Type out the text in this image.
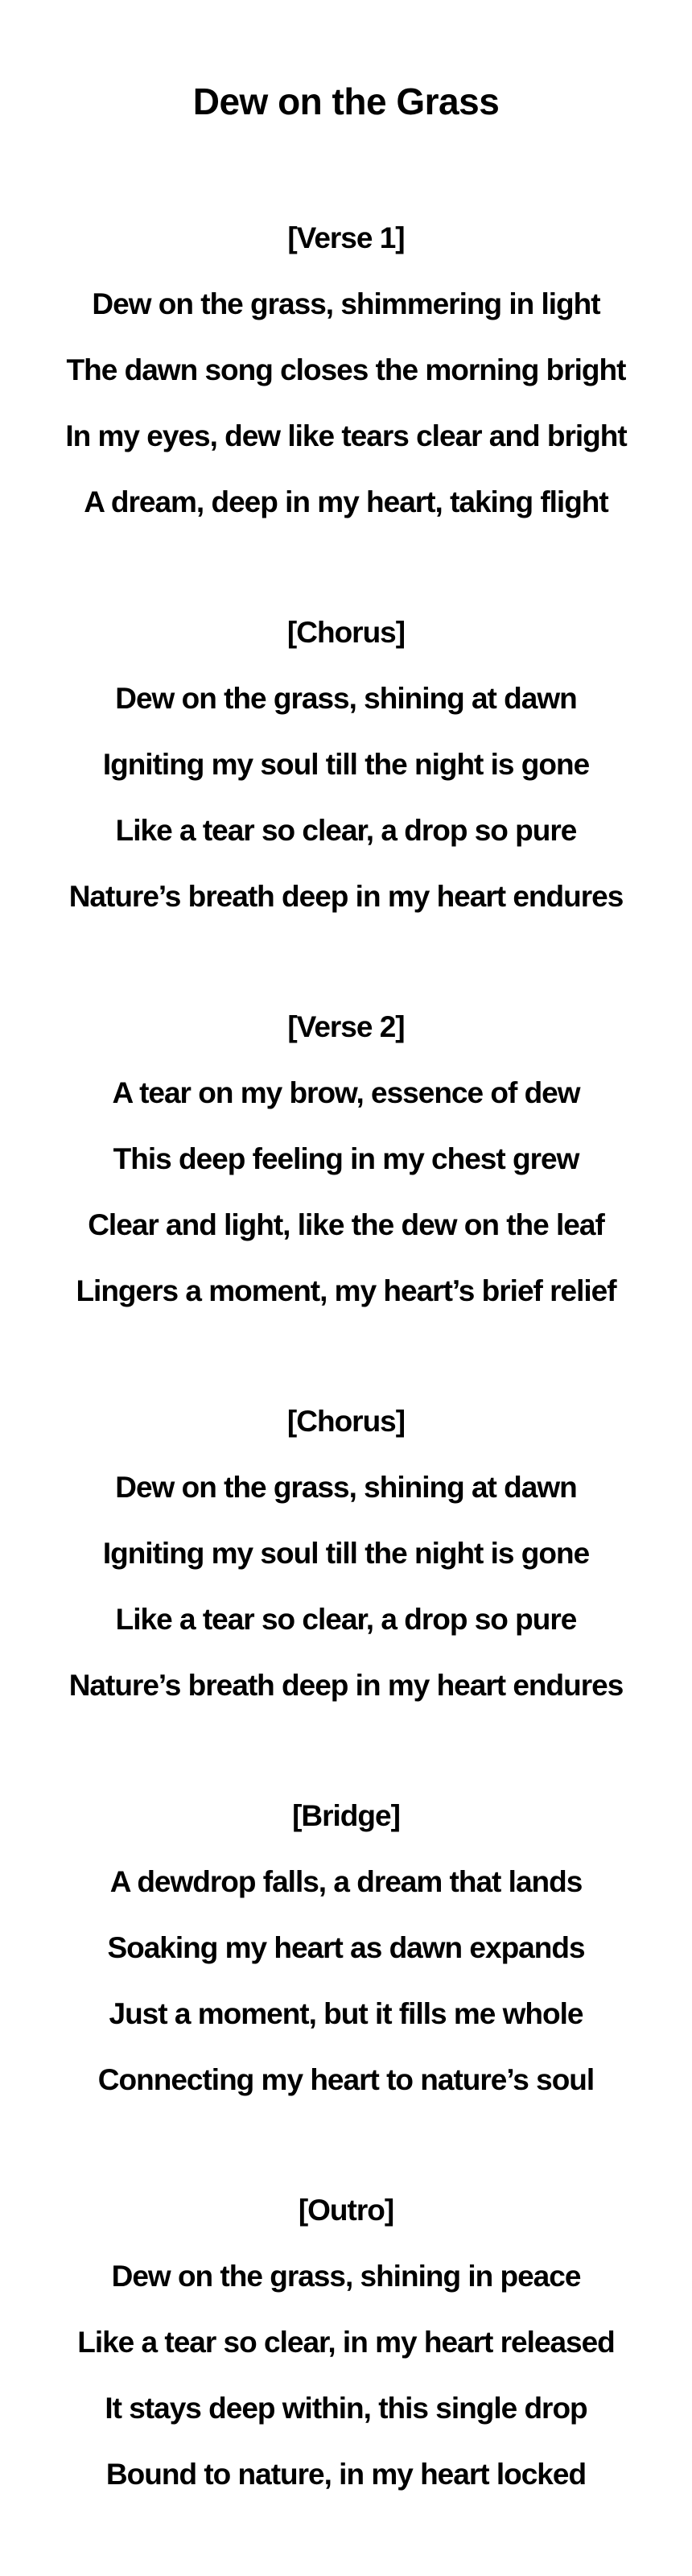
Dew on the Grass
[Verse 1]
Dew on the grass, shimmering in light
The dawn song closes the morning bright
In my eyes, dew like tears clear and bright
A dream, deep in my heart, taking flight
[Chorus]
Dew on the grass, shining at dawn
Igniting my soul till the night is gone
Like a tear so clear, a drop so pure
Nature’s breath deep in my heart endures
[Verse 2]
A tear on my brow, essence of dew
This deep feeling in my chest grew
Clear and light, like the dew on the leaf
Lingers a moment, my heart’s brief relief
[Chorus]
Dew on the grass, shining at dawn
Igniting my soul till the night is gone
Like a tear so clear, a drop so pure
Nature’s breath deep in my heart endures
[Bridge]
A dewdrop falls, a dream that lands
Soaking my heart as dawn expands
Just a moment, but it fills me whole
Connecting my heart to nature’s soul
[Outro]
Dew on the grass, shining in peace
Like a tear so clear, in my heart released
It stays deep within, this single drop
Bound to nature, in my heart locked
